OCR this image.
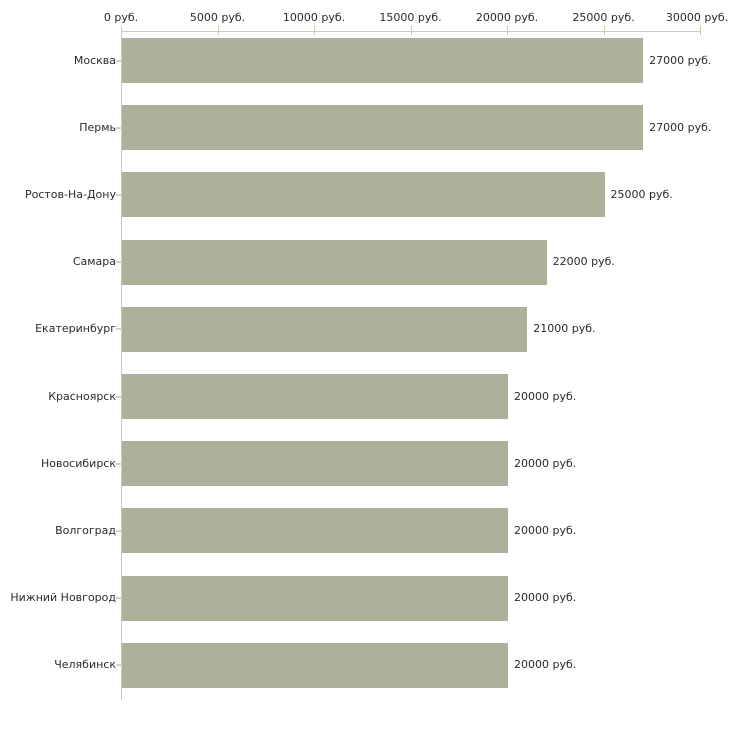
0 руб.	5000 руб.	10000 руб.	15000 руб.	20000 руб.	25000 руб.	30000 руб.
Москва	27000 руб.
Пермь	27000 руб.
Ростов-На-Дону	25000 руб.
Самара	22000 руб.
Екатеринбург	21000 руб.
Красноярск	20000 руб.
Новосибирск	20000 руб.
Волгоград	20000 руб.
Нижний Новгород	20000 руб.
Челябинск	20000 руб.
